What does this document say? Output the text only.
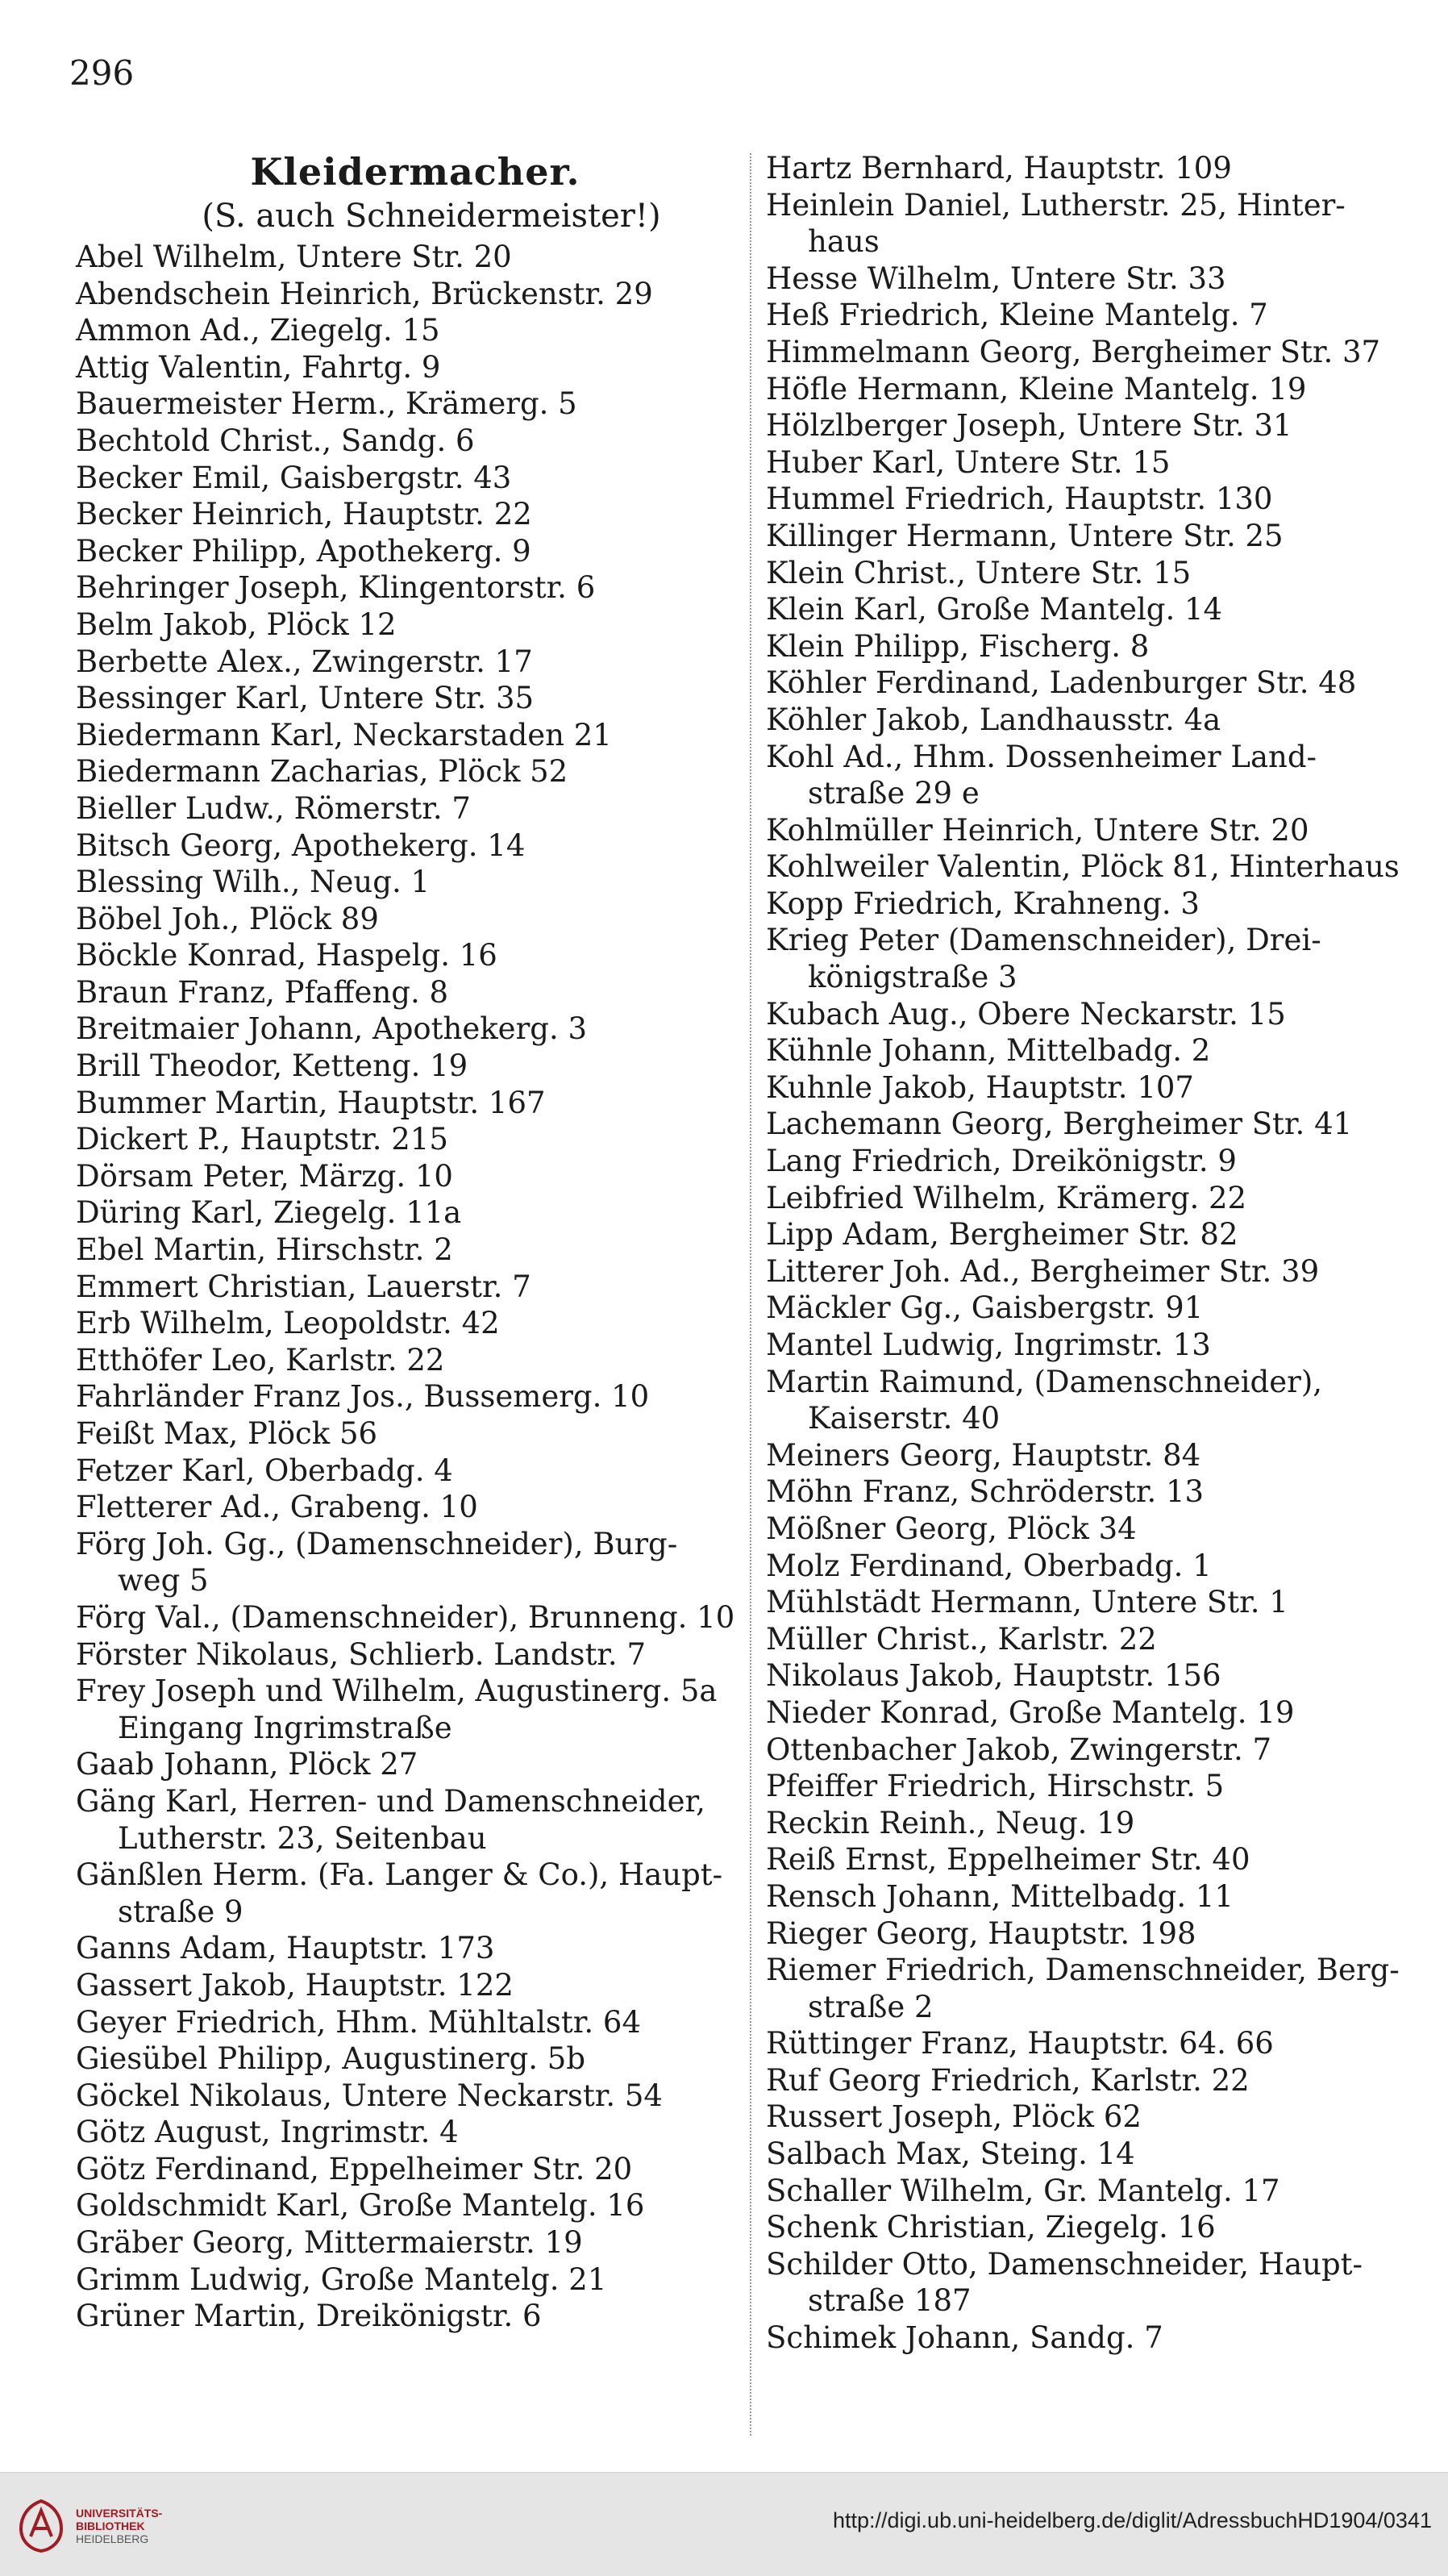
296
Kleidermacher.
(S. auch Schneidermeister!)
Abel Wilhelm, Untere Str. 20
Abendschein Heinrich, Brückenstr. 29
Ammon Ad., Ziegelg. 15
Attig Valentin, Fahrtg. 9
Bauermeister Herm., Krämerg. 5
Bechtold Christ., Sandg. 6
Becker Emil, Gaisbergstr. 43
Becker Heinrich, Hauptstr. 22
Becker Philipp, Apothekerg. 9
Behringer Joseph, Klingentorstr. 6
Belm Jakob, Plöck 12
Berbette Alex., Zwingerstr. 17
Bessinger Karl, Untere Str. 35
Biedermann Karl, Neckarstaden 21
Biedermann Zacharias, Plöck 52
Bieller Ludw., Römerstr. 7
Bitsch Georg, Apothekerg. 14
Blessing Wilh., Neug. 1
Böbel Joh., Plöck 89
Böckle Konrad, Haspelg. 16
Braun Franz, Pfaffeng. 8
Breitmaier Johann, Apothekerg. 3
Brill Theodor, Ketteng. 19
Bummer Martin, Hauptstr. 167
Dickert P., Hauptstr. 215
Dörsam Peter, Märzg. 10
Düring Karl, Ziegelg. 11a
Ebel Martin, Hirschstr. 2
Emmert Christian, Lauerstr. 7
Erb Wilhelm, Leopoldstr. 42
Etthöfer Leo, Karlstr. 22
Fahrländer Franz Jos., Bussemerg. 10
Feißt Max, Plöck 56
Fetzer Karl, Oberbadg. 4
Fletterer Ad., Grabeng. 10
Förg Joh. Gg., (Damenschneider), Burg-
weg 5
Förg Val., (Damenschneider), Brunneng. 10
Förster Nikolaus, Schlierb. Landstr. 7
Frey Joseph und Wilhelm, Augustinerg. 5a
Eingang Ingrimstraße
Gaab Johann, Plöck 27
Gäng Karl, Herren- und Damenschneider,
Lutherstr. 23, Seitenbau
Gänßlen Herm. (Fa. Langer & Co.), Haupt-
straße 9
Ganns Adam, Hauptstr. 173
Gassert Jakob, Hauptstr. 122
Geyer Friedrich, Hhm. Mühltalstr. 64
Giesübel Philipp, Augustinerg. 5b
Göckel Nikolaus, Untere Neckarstr. 54
Götz August, Ingrimstr. 4
Götz Ferdinand, Eppelheimer Str. 20
Goldschmidt Karl, Große Mantelg. 16
Gräber Georg, Mittermaierstr. 19
Grimm Ludwig, Große Mantelg. 21
Grüner Martin, Dreikönigstr. 6
Hartz Bernhard, Hauptstr. 109
Heinlein Daniel, Lutherstr. 25, Hinter-
haus
Hesse Wilhelm, Untere Str. 33
Heß Friedrich, Kleine Mantelg. 7
Himmelmann Georg, Bergheimer Str. 37
Höfle Hermann, Kleine Mantelg. 19
Hölzlberger Joseph, Untere Str. 31
Huber Karl, Untere Str. 15
Hummel Friedrich, Hauptstr. 130
Killinger Hermann, Untere Str. 25
Klein Christ., Untere Str. 15
Klein Karl, Große Mantelg. 14
Klein Philipp, Fischerg. 8
Köhler Ferdinand, Ladenburger Str. 48
Köhler Jakob, Landhausstr. 4a
Kohl Ad., Hhm. Dossenheimer Land-
straße 29 e
Kohlmüller Heinrich, Untere Str. 20
Kohlweiler Valentin, Plöck 81, Hinterhaus
Kopp Friedrich, Krahneng. 3
Krieg Peter (Damenschneider), Drei-
königstraße 3
Kubach Aug., Obere Neckarstr. 15
Kühnle Johann, Mittelbadg. 2
Kuhnle Jakob, Hauptstr. 107
Lachemann Georg, Bergheimer Str. 41
Lang Friedrich, Dreikönigstr. 9
Leibfried Wilhelm, Krämerg. 22
Lipp Adam, Bergheimer Str. 82
Litterer Joh. Ad., Bergheimer Str. 39
Mäckler Gg., Gaisbergstr. 91
Mantel Ludwig, Ingrimstr. 13
Martin Raimund, (Damenschneider),
Kaiserstr. 40
Meiners Georg, Hauptstr. 84
Möhn Franz, Schröderstr. 13
Mößner Georg, Plöck 34
Molz Ferdinand, Oberbadg. 1
Mühlstädt Hermann, Untere Str. 1
Müller Christ., Karlstr. 22
Nikolaus Jakob, Hauptstr. 156
Nieder Konrad, Große Mantelg. 19
Ottenbacher Jakob, Zwingerstr. 7
Pfeiffer Friedrich, Hirschstr. 5
Reckin Reinh., Neug. 19
Reiß Ernst, Eppelheimer Str. 40
Rensch Johann, Mittelbadg. 11
Rieger Georg, Hauptstr. 198
Riemer Friedrich, Damenschneider, Berg-
straße 2
Rüttinger Franz, Hauptstr. 64. 66
Ruf Georg Friedrich, Karlstr. 22
Russert Joseph, Plöck 62
Salbach Max, Steing. 14
Schaller Wilhelm, Gr. Mantelg. 17
Schenk Christian, Ziegelg. 16
Schilder Otto, Damenschneider, Haupt-
straße 187
Schimek Johann, Sandg. 7
UNIVERSITÄTS-
BIBLIOTHEK
HEIDELBERG
http://digi.ub.uni-heidelberg.de/diglit/AdressbuchHD1904/0341
